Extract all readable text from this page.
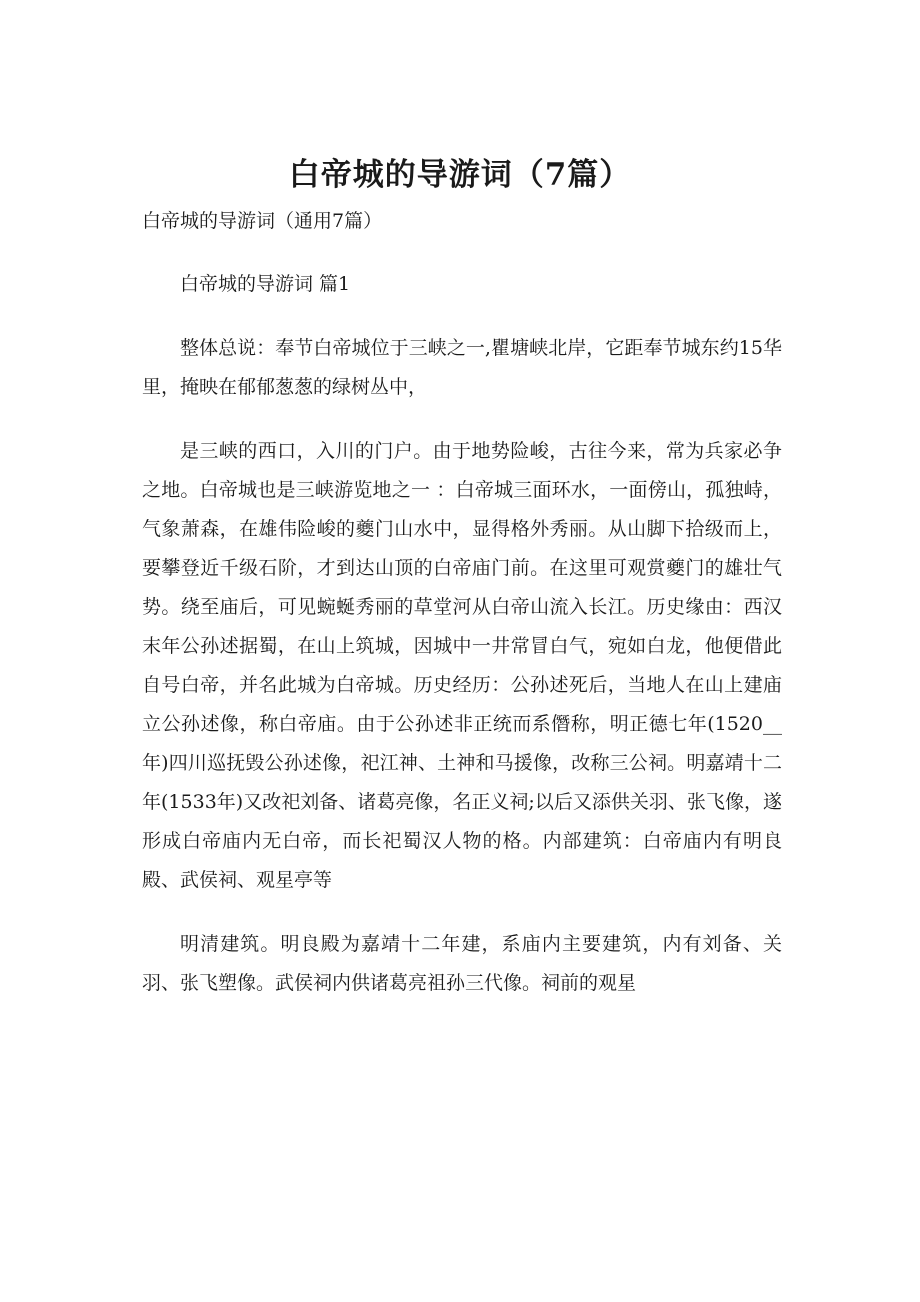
白帝城的导游词（7篇）
白帝城的导游词（通用7篇）

白帝城的导游词 篇1

整体总说：奉节白帝城位于三峡之一,瞿塘峡北岸，它距奉节城东约15华里，掩映在郁郁葱葱的绿树丛中，

是三峡的西口，入川的门户。由于地势险峻，古往今来，常为兵家必争之地。白帝城也是三峡游览地之一 ：白帝城三面环水，一面傍山，孤独峙，气象萧森，在雄伟险峻的夔门山水中，显得格外秀丽。从山脚下拾级而上，要攀登近千级石阶，才到达山顶的白帝庙门前。在这里可观赏夔门的雄壮气势。绕至庙后，可见蜿蜒秀丽的草堂河从白帝山流入长江。历史缘由：西汉末年公孙述据蜀，在山上筑城，因城中一井常冒白气，宛如白龙，他便借此自号白帝，并名此城为白帝城。历史经历：公孙述死后，当地人在山上建庙立公孙述像，称白帝庙。由于公孙述非正统而系僭称，明正德七年(1520__年)四川巡抚毁公孙述像，祀江神、土神和马援像，改称三公祠。明嘉靖十二年(1533年)又改祀刘备、诸葛亮像，名正义祠;以后又添供关羽、张飞像，遂形成白帝庙内无白帝，而长祀蜀汉人物的格。内部建筑：白帝庙内有明良殿、武侯祠、观星亭等

明清建筑。明良殿为嘉靖十二年建，系庙内主要建筑，内有刘备、关羽、张飞塑像。武侯祠内供诸葛亮祖孙三代像。祠前的观星
